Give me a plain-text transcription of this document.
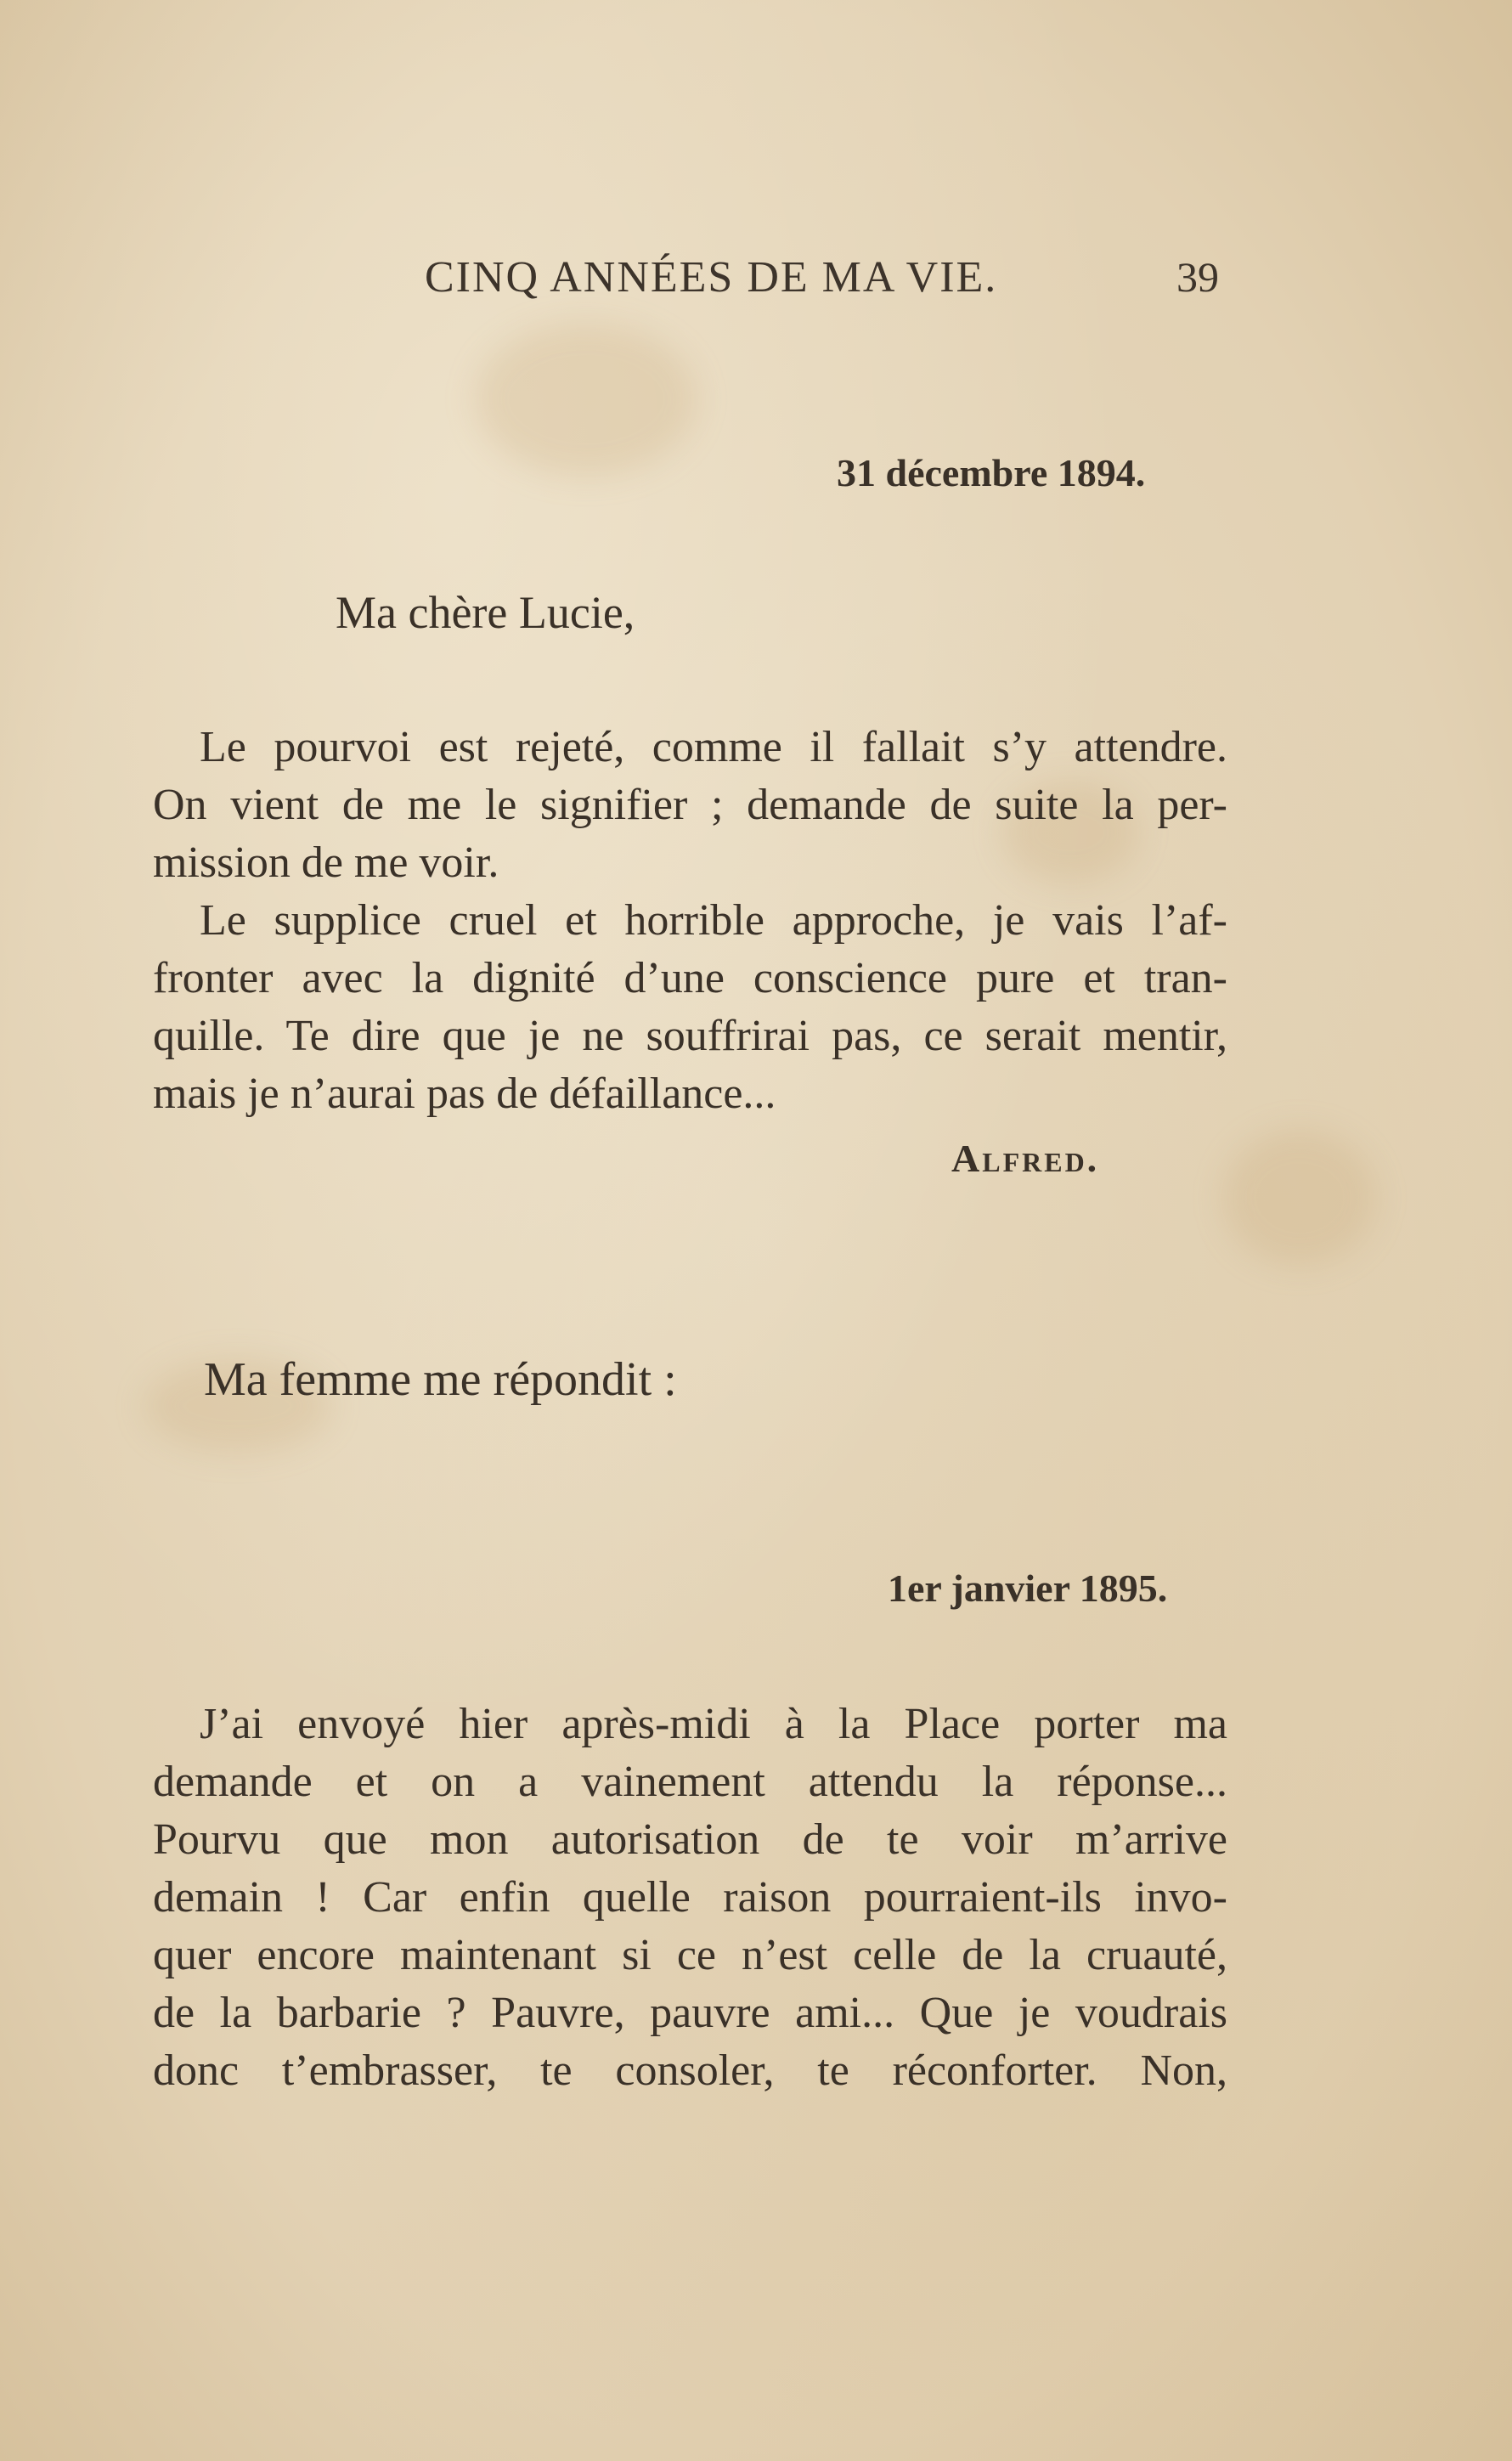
CINQ ANNÉES DE MA VIE.	39
31 décembre 1894.
Ma chère Lucie,
Le pourvoi est rejeté, comme il fallait s’y attendre.
On vient de me le signifier ; demande de suite la per-
mission de me voir.
Le supplice cruel et horrible approche, je vais l’af-
fronter avec la dignité d’une conscience pure et tran-
quille. Te dire que je ne souffrirai pas, ce serait mentir,
mais je n’aurai pas de défaillance...
Alfred.
Ma femme me répondit :
1er janvier 1895.
J’ai envoyé hier après-midi à la Place porter ma
demande et on a vainement attendu la réponse...
Pourvu que mon autorisation de te voir m’arrive
demain ! Car enfin quelle raison pourraient-ils invo-
quer encore maintenant si ce n’est celle de la cruauté,
de la barbarie ? Pauvre, pauvre ami... Que je voudrais
donc t’embrasser, te consoler, te réconforter. Non,
